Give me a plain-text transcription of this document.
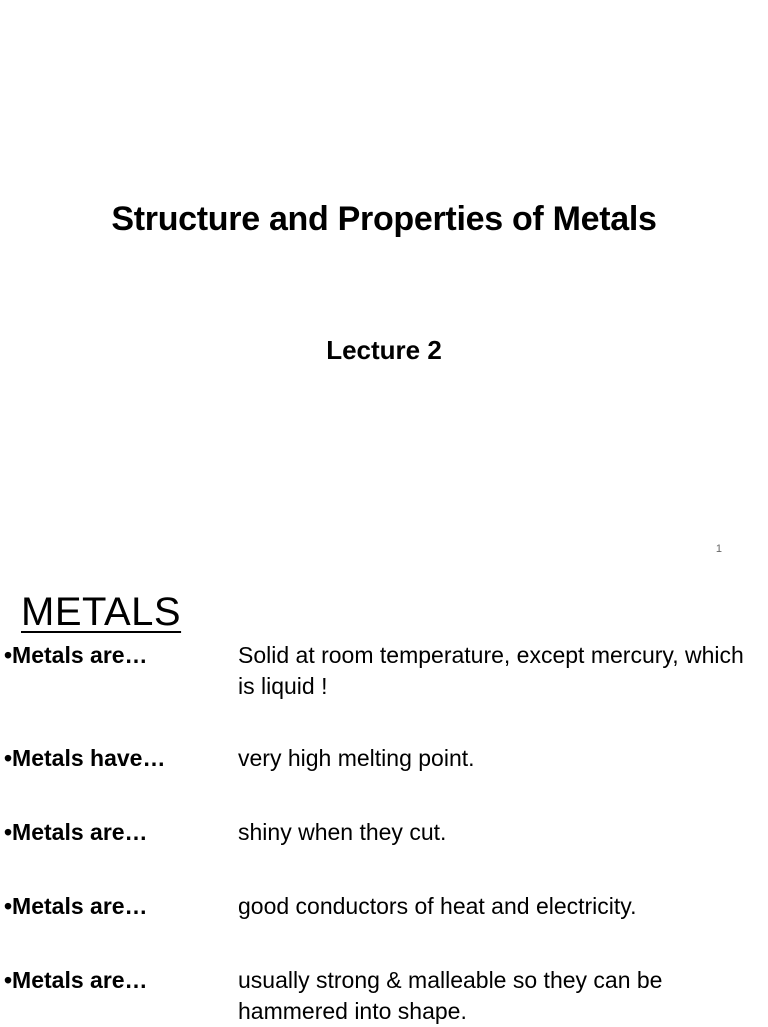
Structure and Properties of Metals
Lecture 2
1
METALS
•Metals are…	Solid at room temperature, except mercury, which is liquid !
•Metals have…	very high melting point.
•Metals are…	shiny when they cut.
•Metals are…	good conductors of heat and electricity.
•Metals are…	usually strong & malleable so they can be hammered into shape.
